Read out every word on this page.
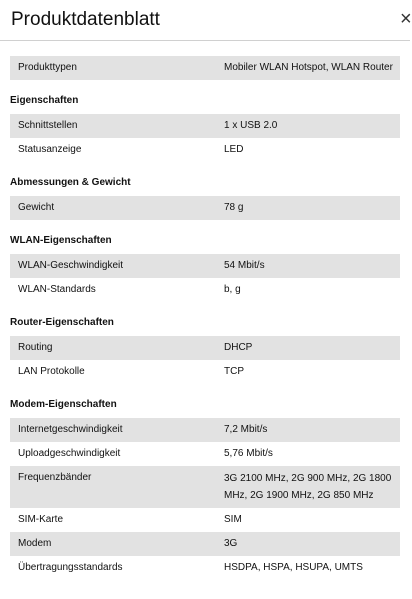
Produktdatenblatt	×
Produkttypen	Mobiler WLAN Hotspot, WLAN Router
Eigenschaften
Schnittstellen	1 x USB 2.0
Statusanzeige	LED
Abmessungen & Gewicht
Gewicht	78 g
WLAN-Eigenschaften
WLAN-Geschwindigkeit	54 Mbit/s
WLAN-Standards	b, g
Router-Eigenschaften
Routing	DHCP
LAN Protokolle	TCP
Modem-Eigenschaften
Internetgeschwindigkeit	7,2 Mbit/s
Uploadgeschwindigkeit	5,76 Mbit/s
Frequenzbänder	3G 2100 MHz, 2G 900 MHz, 2G 1800 MHz, 2G 1900 MHz, 2G 850 MHz
SIM-Karte	SIM
Modem	3G
Übertragungsstandards	HSDPA, HSPA, HSUPA, UMTS
